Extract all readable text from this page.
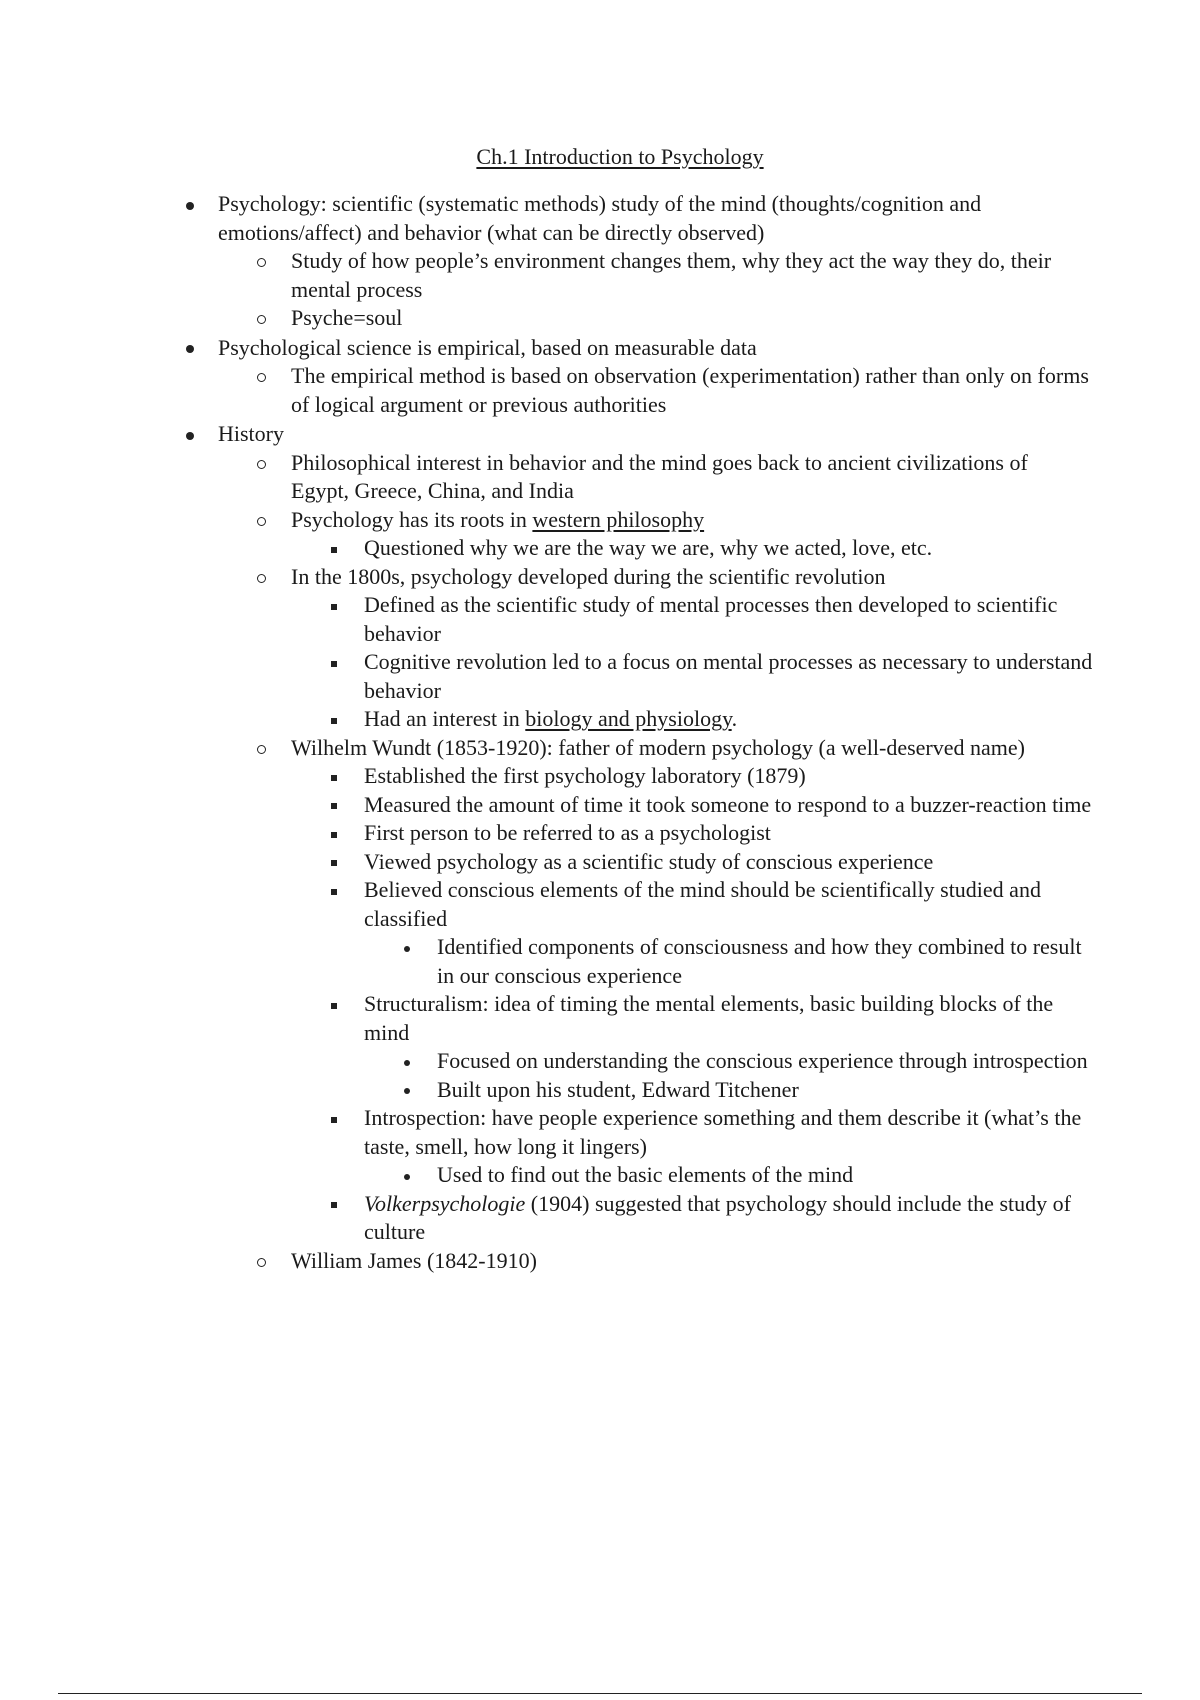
Ch.1 Introduction to Psychology
Psychology: scientific (systematic methods) study of the mind (thoughts/cognition and emotions/affect) and behavior (what can be directly observed)
Study of how people’s environment changes them, why they act the way they do, their mental process
Psyche=soul
Psychological science is empirical, based on measurable data
The empirical method is based on observation (experimentation) rather than only on forms of logical argument or previous authorities
History
Philosophical interest in behavior and the mind goes back to ancient civilizations of Egypt, Greece, China, and India
Psychology has its roots in western philosophy
Questioned why we are the way we are, why we acted, love, etc.
In the 1800s, psychology developed during the scientific revolution
Defined as the scientific study of mental processes then developed to scientific behavior
Cognitive revolution led to a focus on mental processes as necessary to understand behavior
Had an interest in biology and physiology.
Wilhelm Wundt (1853-1920): father of modern psychology (a well-deserved name)
Established the first psychology laboratory (1879)
Measured the amount of time it took someone to respond to a buzzer-reaction time
First person to be referred to as a psychologist
Viewed psychology as a scientific study of conscious experience
Believed conscious elements of the mind should be scientifically studied and classified
Identified components of consciousness and how they combined to result in our conscious experience
Structuralism: idea of timing the mental elements, basic building blocks of the mind
Focused on understanding the conscious experience through introspection
Built upon his student, Edward Titchener
Introspection: have people experience something and them describe it (what’s the taste, smell, how long it lingers)
Used to find out the basic elements of the mind
Volkerpsychologie (1904) suggested that psychology should include the study of culture
William James (1842-1910)
